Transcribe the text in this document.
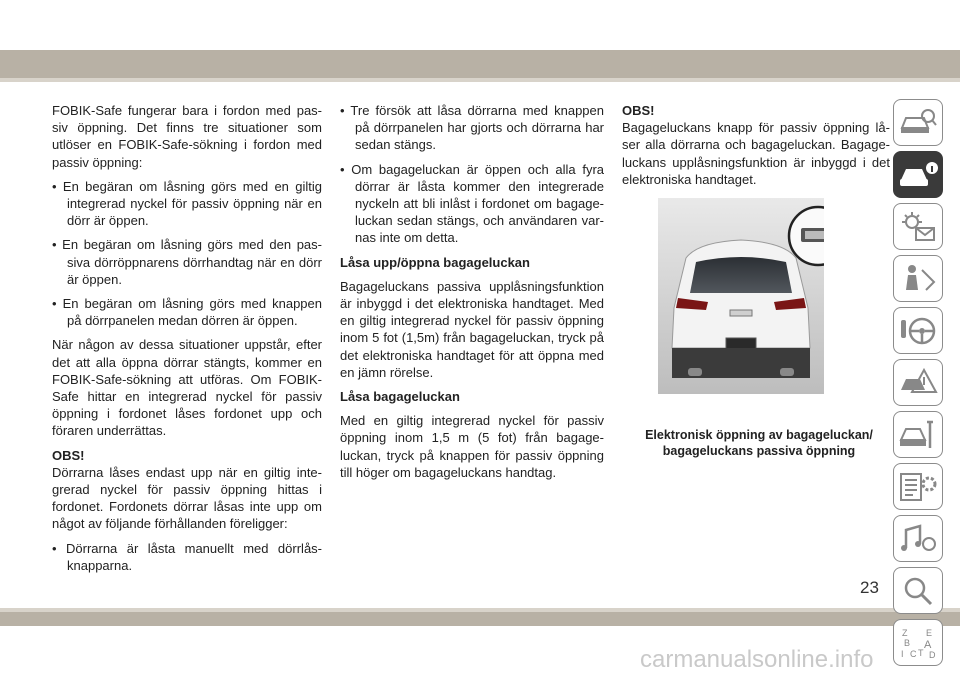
FOBIK-Safe fungerar bara i fordon med pas-siv öppning. Det finns tre situationer som utlöser en FOBIK-Safe-sökning i fordon med passiv öppning:

• En begäran om låsning görs med en giltig integrerad nyckel för passiv öppning när en dörr är öppen.

• En begäran om låsning görs med den pas-siva dörröppnarens dörrhandtag när en dörr är öppen.

• En begäran om låsning görs med knappen på dörrpanelen medan dörren är öppen.

När någon av dessa situationer uppstår, efter det att alla öppna dörrar stängts, kommer en FOBIK-Safe-sökning att utföras. Om FOBIK-Safe hittar en integrerad nyckel för passiv öppning i fordonet låses fordonet upp och föraren underrättas.

OBS!

Dörrarna låses endast upp när en giltig inte-grerad nyckel för passiv öppning hittas i fordonet. Fordonets dörrar låsas inte upp om något av följande förhållanden föreligger:

• Dörrarna är låsta manuellt med dörrlås-knapparna.

• Tre försök att låsa dörrarna med knappen på dörrpanelen har gjorts och dörrarna har sedan stängs.

• Om bagageluckan är öppen och alla fyra dörrar är låsta kommer den integrerade nyckeln att bli inlåst i fordonet om bagage-luckan sedan stängs, och användaren var-nas inte om detta.

Låsa upp/öppna bagageluckan

Bagageluckans passiva upplåsningsfunktion är inbyggd i det elektroniska handtaget. Med en giltig integrerad nyckel för passiv öppning inom 5 fot (1,5m) från bagageluckan, tryck på det elektroniska handtaget för att öppna med en jämn rörelse.

Låsa bagageluckan

Med en giltig integrerad nyckel för passiv öppning inom 1,5 m (5 fot) från bagage-luckan, tryck på knappen för passiv öppning till höger om bagageluckans handtag.

OBS!

Bagageluckans knapp för passiv öppning lå-ser alla dörrarna och bagageluckan. Bagage-luckans upplåsningsfunktion är inbyggd i det elektroniska handtaget.

Elektronisk öppning av bagageluckan/
bagageluckans passiva öppning
Z E
B A
C T D
I
23
carmanualsonline.info
